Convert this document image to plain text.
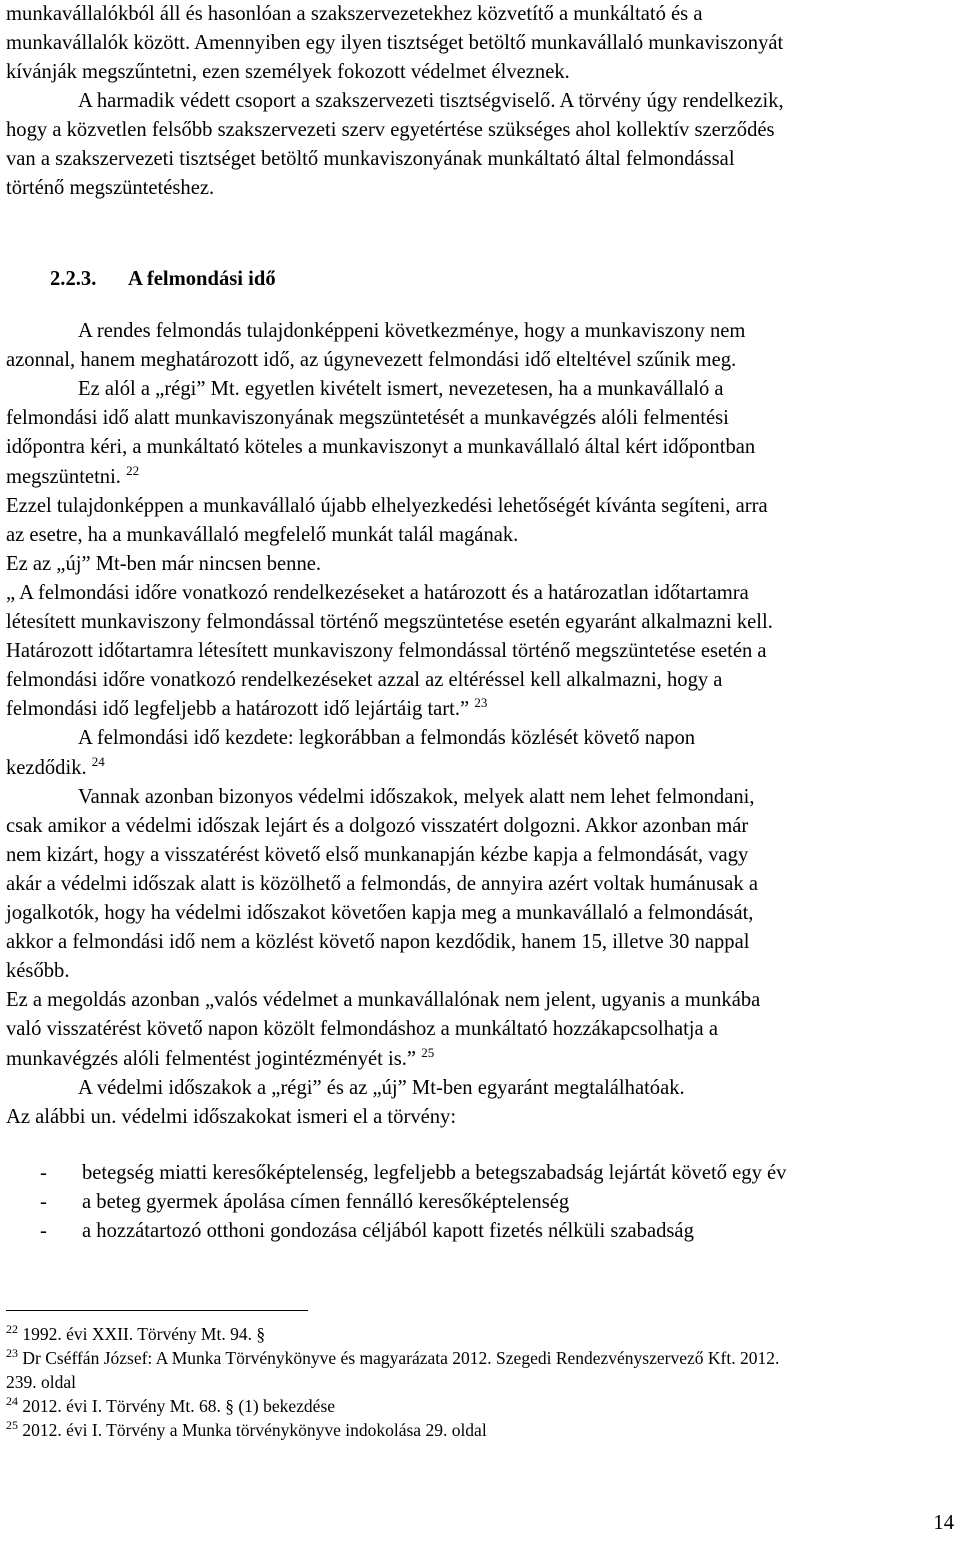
munkavállalókból áll és hasonlóan a szakszervezetekhez közvetítő a munkáltató és a
munkavállalók között. Amennyiben egy ilyen tisztséget betöltő munkavállaló munkaviszonyát
kívánják megszűntetni, ezen személyek fokozott védelmet élveznek.
A harmadik védett csoport a szakszervezeti tisztségviselő. A törvény úgy rendelkezik,
hogy a közvetlen felsőbb szakszervezeti szerv egyetértése szükséges ahol kollektív szerződés
van a szakszervezeti tisztséget betöltő munkaviszonyának munkáltató által felmondással
történő megszüntetéshez.
2.2.3. A felmondási idő
A rendes felmondás tulajdonképpeni következménye, hogy a munkaviszony nem
azonnal, hanem meghatározott idő, az úgynevezett felmondási idő elteltével szűnik meg.
Ez alól a „régi” Mt. egyetlen kivételt ismert, nevezetesen, ha a munkavállaló a
felmondási idő alatt munkaviszonyának megszüntetését a munkavégzés alóli felmentési
időpontra kéri, a munkáltató köteles a munkaviszonyt a munkavállaló által kért időpontban
megszüntetni. $^{22}$
Ezzel tulajdonképpen a munkavállaló újabb elhelyezkedési lehetőségét kívánta segíteni, arra
az esetre, ha a munkavállaló megfelelő munkát talál magának.
Ez az „új” Mt-ben már nincsen benne.
„ A felmondási időre vonatkozó rendelkezéseket a határozott és a határozatlan időtartamra
létesített munkaviszony felmondással történő megszüntetése esetén egyaránt alkalmazni kell.
Határozott időtartamra létesített munkaviszony felmondással történő megszüntetése esetén a
felmondási időre vonatkozó rendelkezéseket azzal az eltéréssel kell alkalmazni, hogy a
felmondási idő legfeljebb a határozott idő lejártáig tart.” $^{23}$
A felmondási idő kezdete: legkorábban a felmondás közlését követő napon
kezdődik. $^{24}$
Vannak azonban bizonyos védelmi időszakok, melyek alatt nem lehet felmondani,
csak amikor a védelmi időszak lejárt és a dolgozó visszatért dolgozni. Akkor azonban már
nem kizárt, hogy a visszatérést követő első munkanapján kézbe kapja a felmondását, vagy
akár a védelmi időszak alatt is közölhető a felmondás, de annyira azért voltak humánusak a
jogalkotók, hogy ha védelmi időszakot követően kapja meg a munkavállaló a felmondását,
akkor a felmondási idő nem a közlést követő napon kezdődik, hanem 15, illetve 30 nappal
később.
Ez a megoldás azonban „valós védelmet a munkavállalónak nem jelent, ugyanis a munkába
való visszatérést követő napon közölt felmondáshoz a munkáltató hozzákapcsolhatja a
munkavégzés alóli felmentést jogintézményét is.” $^{25}$
A védelmi időszakok a „régi” és az „új” Mt-ben egyaránt megtalálhatóak.
Az alábbi un. védelmi időszakokat ismeri el a törvény:
- betegség miatti keresőképtelenség, legfeljebb a betegszabadság lejártát követő egy év
- a beteg gyermek ápolása címen fennálló keresőképtelenség
- a hozzátartozó otthoni gondozása céljából kapott fizetés nélküli szabadság
$^{22}$ 1992. évi XXII. Törvény Mt. 94. §
$^{23}$ Dr Cséffán József: A Munka Törvénykönyve és magyarázata 2012. Szegedi Rendezvényszervező Kft. 2012.
239. oldal
$^{24}$ 2012. évi I. Törvény Mt. 68. § (1) bekezdése
$^{25}$ 2012. évi I. Törvény a Munka törvénykönyve indokolása 29. oldal
14
